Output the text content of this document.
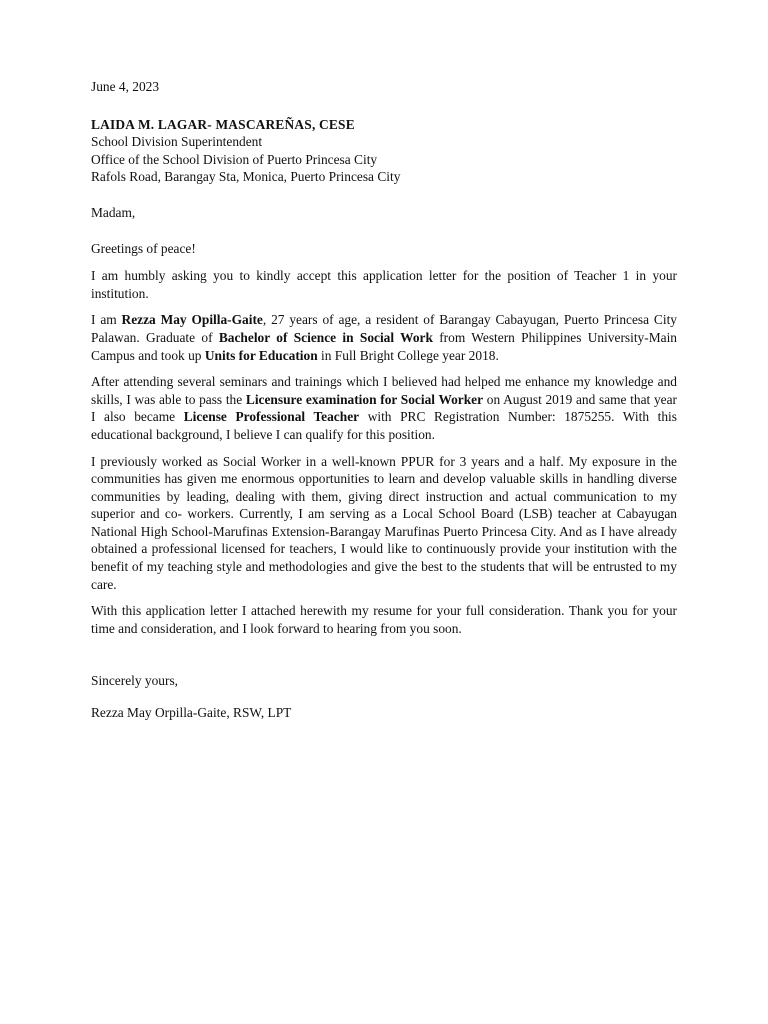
June 4, 2023
LAIDA M. LAGAR- MASCAREÑAS, CESE
School Division Superintendent
Office of the School Division of Puerto Princesa City
Rafols Road, Barangay Sta, Monica, Puerto Princesa City
Madam,

Greetings of peace!

I am humbly asking you to kindly accept this application letter for the position of Teacher 1 in your institution.

I am Rezza May Opilla-Gaite, 27 years of age, a resident of Barangay Cabayugan, Puerto Princesa City Palawan. Graduate of Bachelor of Science in Social Work from Western Philippines University-Main Campus and took up Units for Education in Full Bright College year 2018.

After attending several seminars and trainings which I believed had helped me enhance my knowledge and skills, I was able to pass the Licensure examination for Social Worker on August 2019 and same that year I also became License Professional Teacher with PRC Registration Number: 1875255. With this educational background, I believe I can qualify for this position.

I previously worked as Social Worker in a well-known PPUR for 3 years and a half. My exposure in the communities has given me enormous opportunities to learn and develop valuable skills in handling diverse communities by leading, dealing with them, giving direct instruction and actual communication to my superior and co- workers. Currently, I am serving as a Local School Board (LSB) teacher at Cabayugan National High School-Marufinas Extension-Barangay Marufinas Puerto Princesa City. And as I have already obtained a professional licensed for teachers, I would like to continuously provide your institution with the benefit of my teaching style and methodologies and give the best to the students that will be entrusted to my care.

With this application letter I attached herewith my resume for your full consideration. Thank you for your time and consideration, and I look forward to hearing from you soon.

Sincerely yours,
Rezza May Orpilla-Gaite, RSW, LPT
